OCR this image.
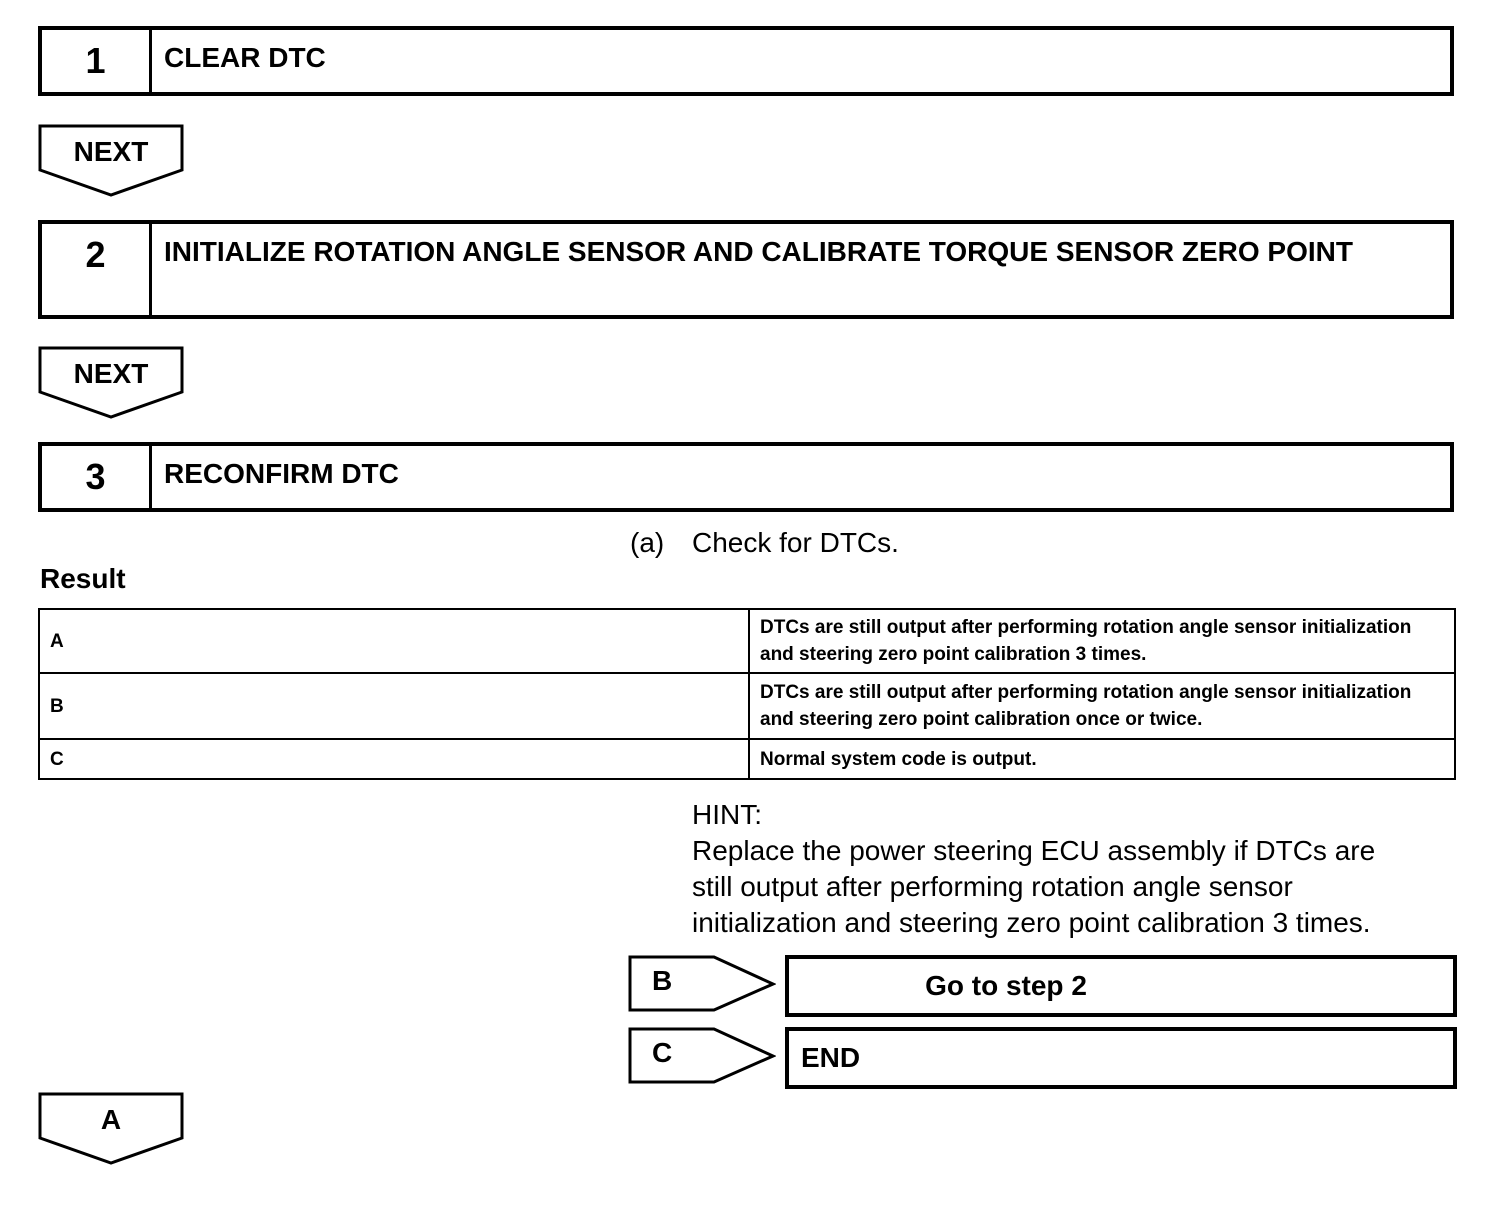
1	CLEAR DTC
NEXT
2	INITIALIZE ROTATION ANGLE SENSOR AND CALIBRATE TORQUE SENSOR ZERO POINT
NEXT
3	RECONFIRM DTC
(a) Check for DTCs.
Result
A	DTCs are still output after performing rotation angle sensor initialization and steering zero point calibration 3 times.
B	DTCs are still output after performing rotation angle sensor initialization and steering zero point calibration once or twice.
C	Normal system code is output.
HINT:
Replace the power steering ECU assembly if DTCs are
still output after performing rotation angle sensor
initialization and steering zero point calibration 3 times.
B	Go to step 2
C	END
A
